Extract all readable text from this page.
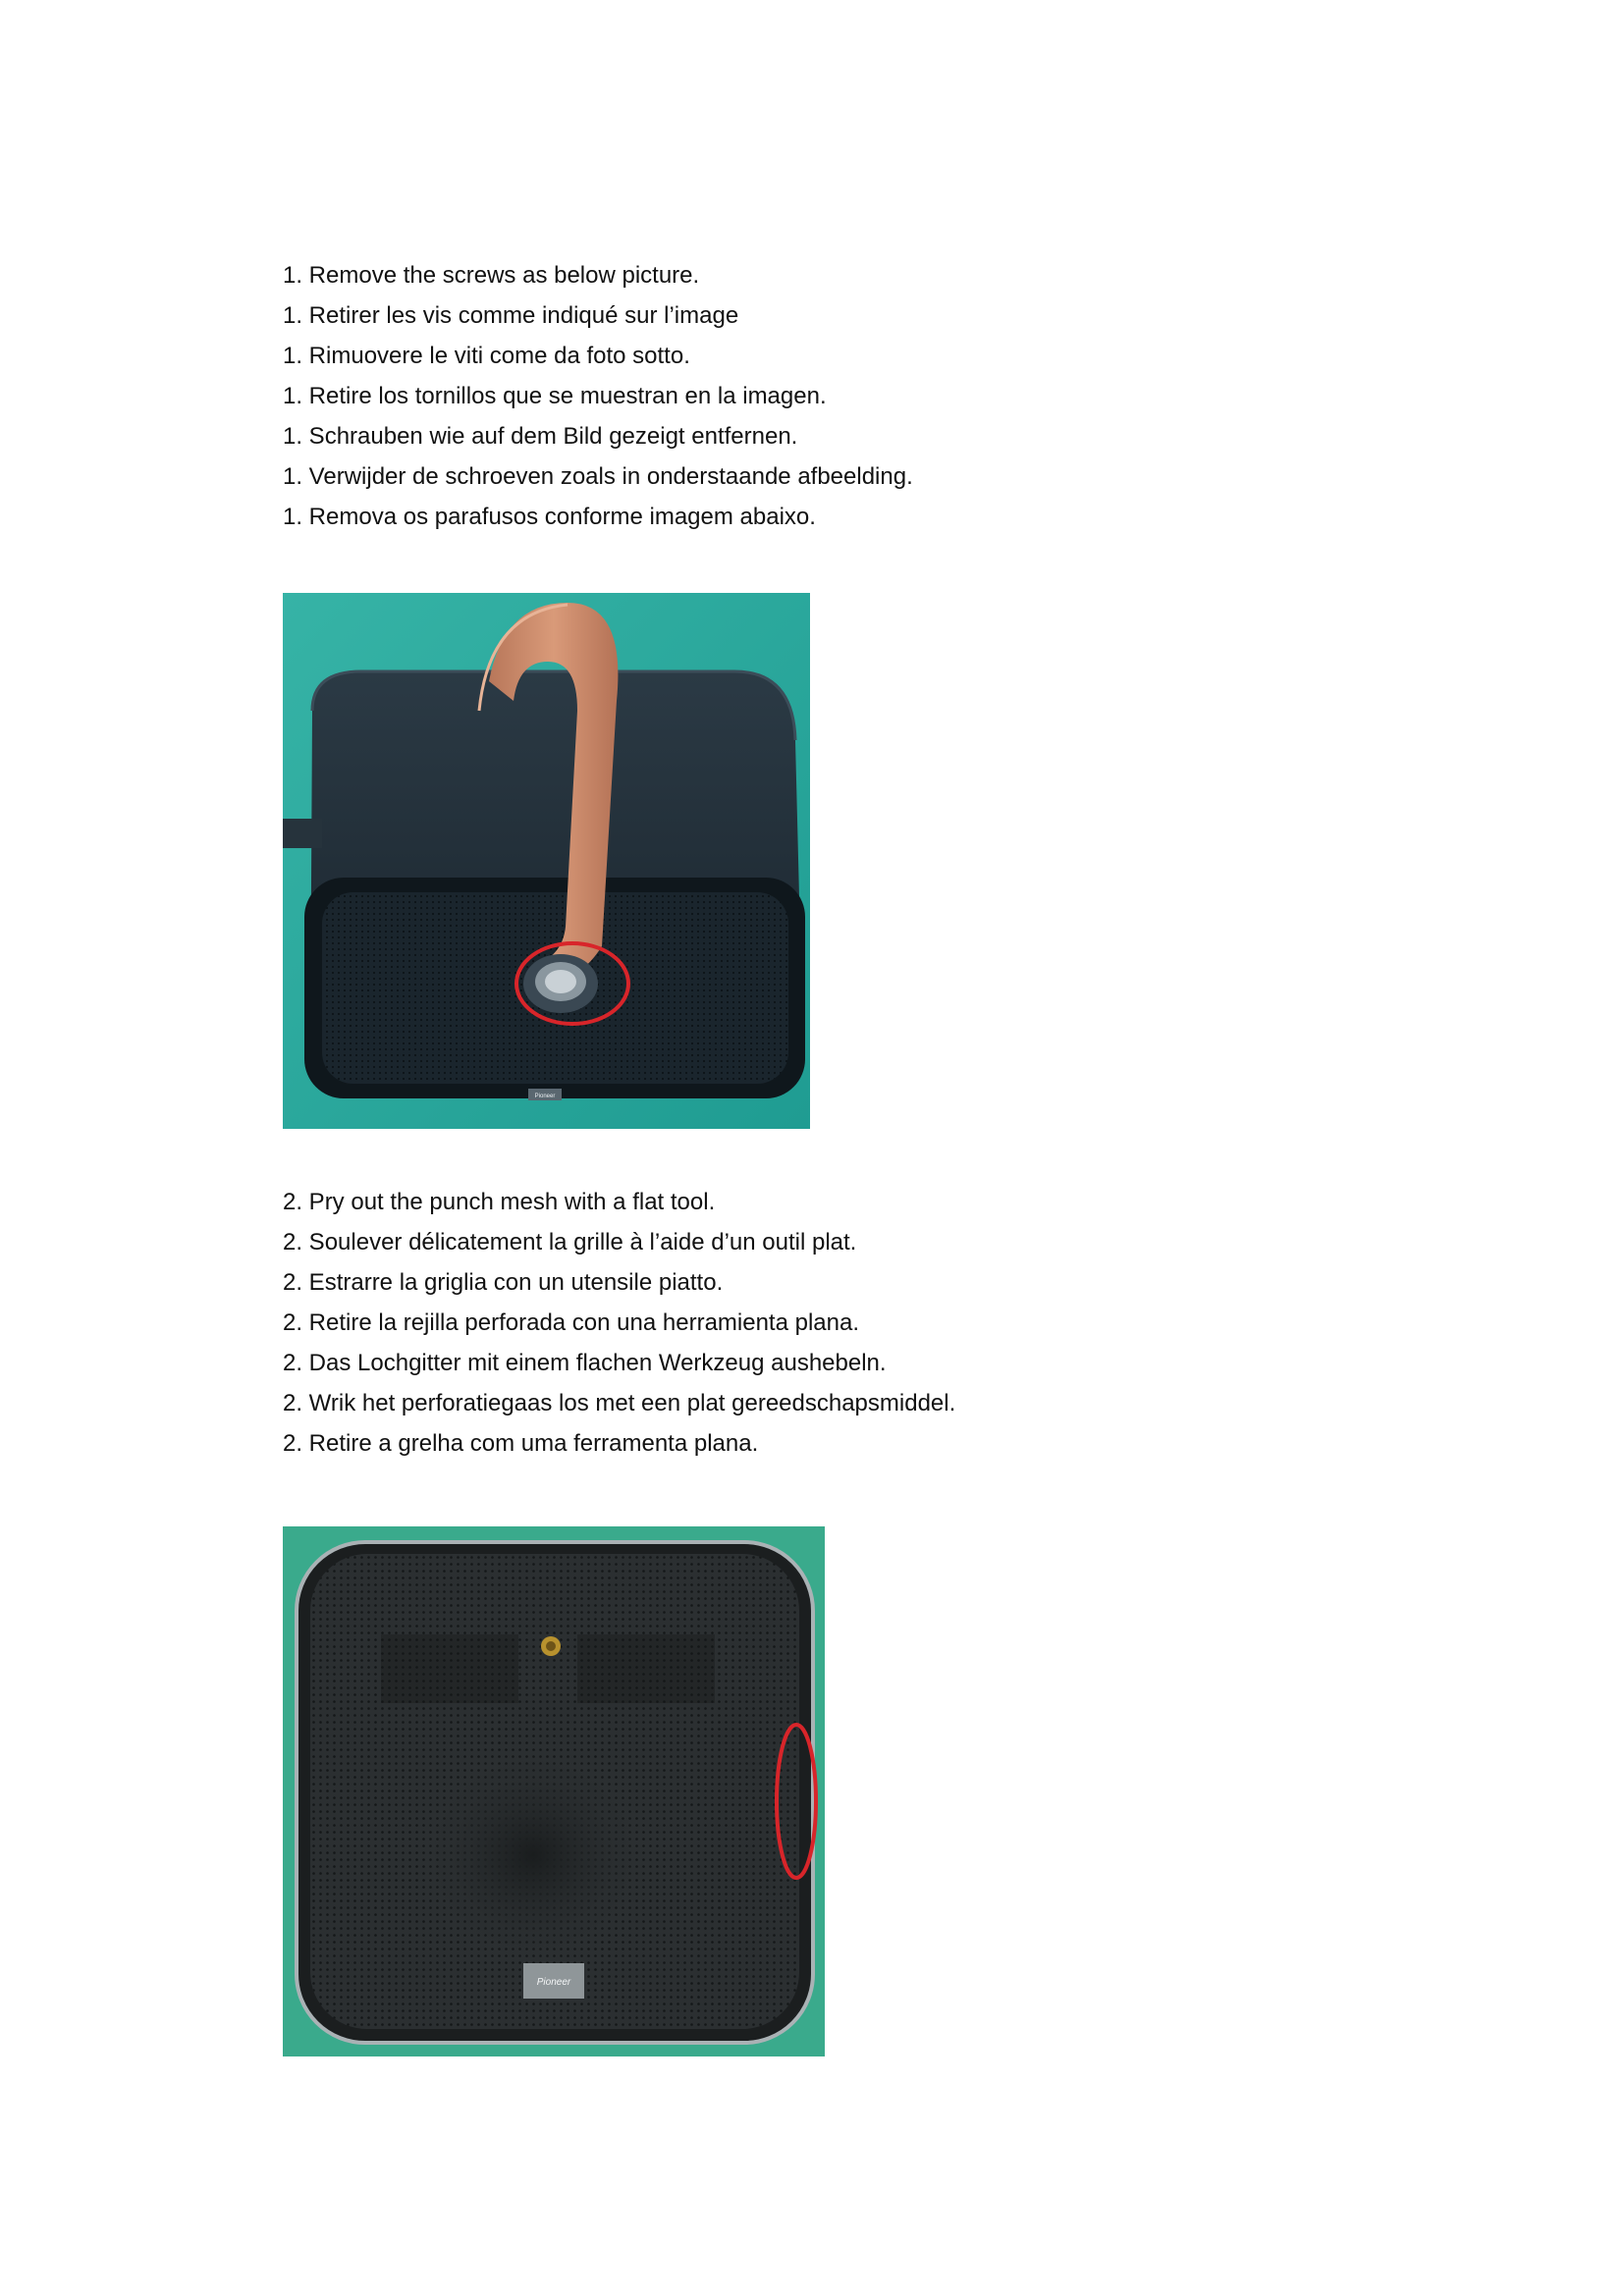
1. Remove the screws as below picture.
1. Retirer les vis comme indiqué sur l’image
1. Rimuovere le viti come da foto sotto.
1. Retire los tornillos que se muestran en la imagen.
1. Schrauben wie auf dem Bild gezeigt entfernen.
1. Verwijder de schroeven zoals in onderstaande afbeelding.
1. Remova os parafusos conforme imagem abaixo.
Pioneer
2. Pry out the punch mesh with a flat tool.
2. Soulever délicatement la grille à l’aide d’un outil plat.
2. Estrarre la griglia con un utensile piatto.
2. Retire la rejilla perforada con una herramienta plana.
2. Das Lochgitter mit einem flachen Werkzeug aushebeln.
2. Wrik het perforatiegaas los met een plat gereedschapsmiddel.
2. Retire a grelha com uma ferramenta plana.
Pioneer
